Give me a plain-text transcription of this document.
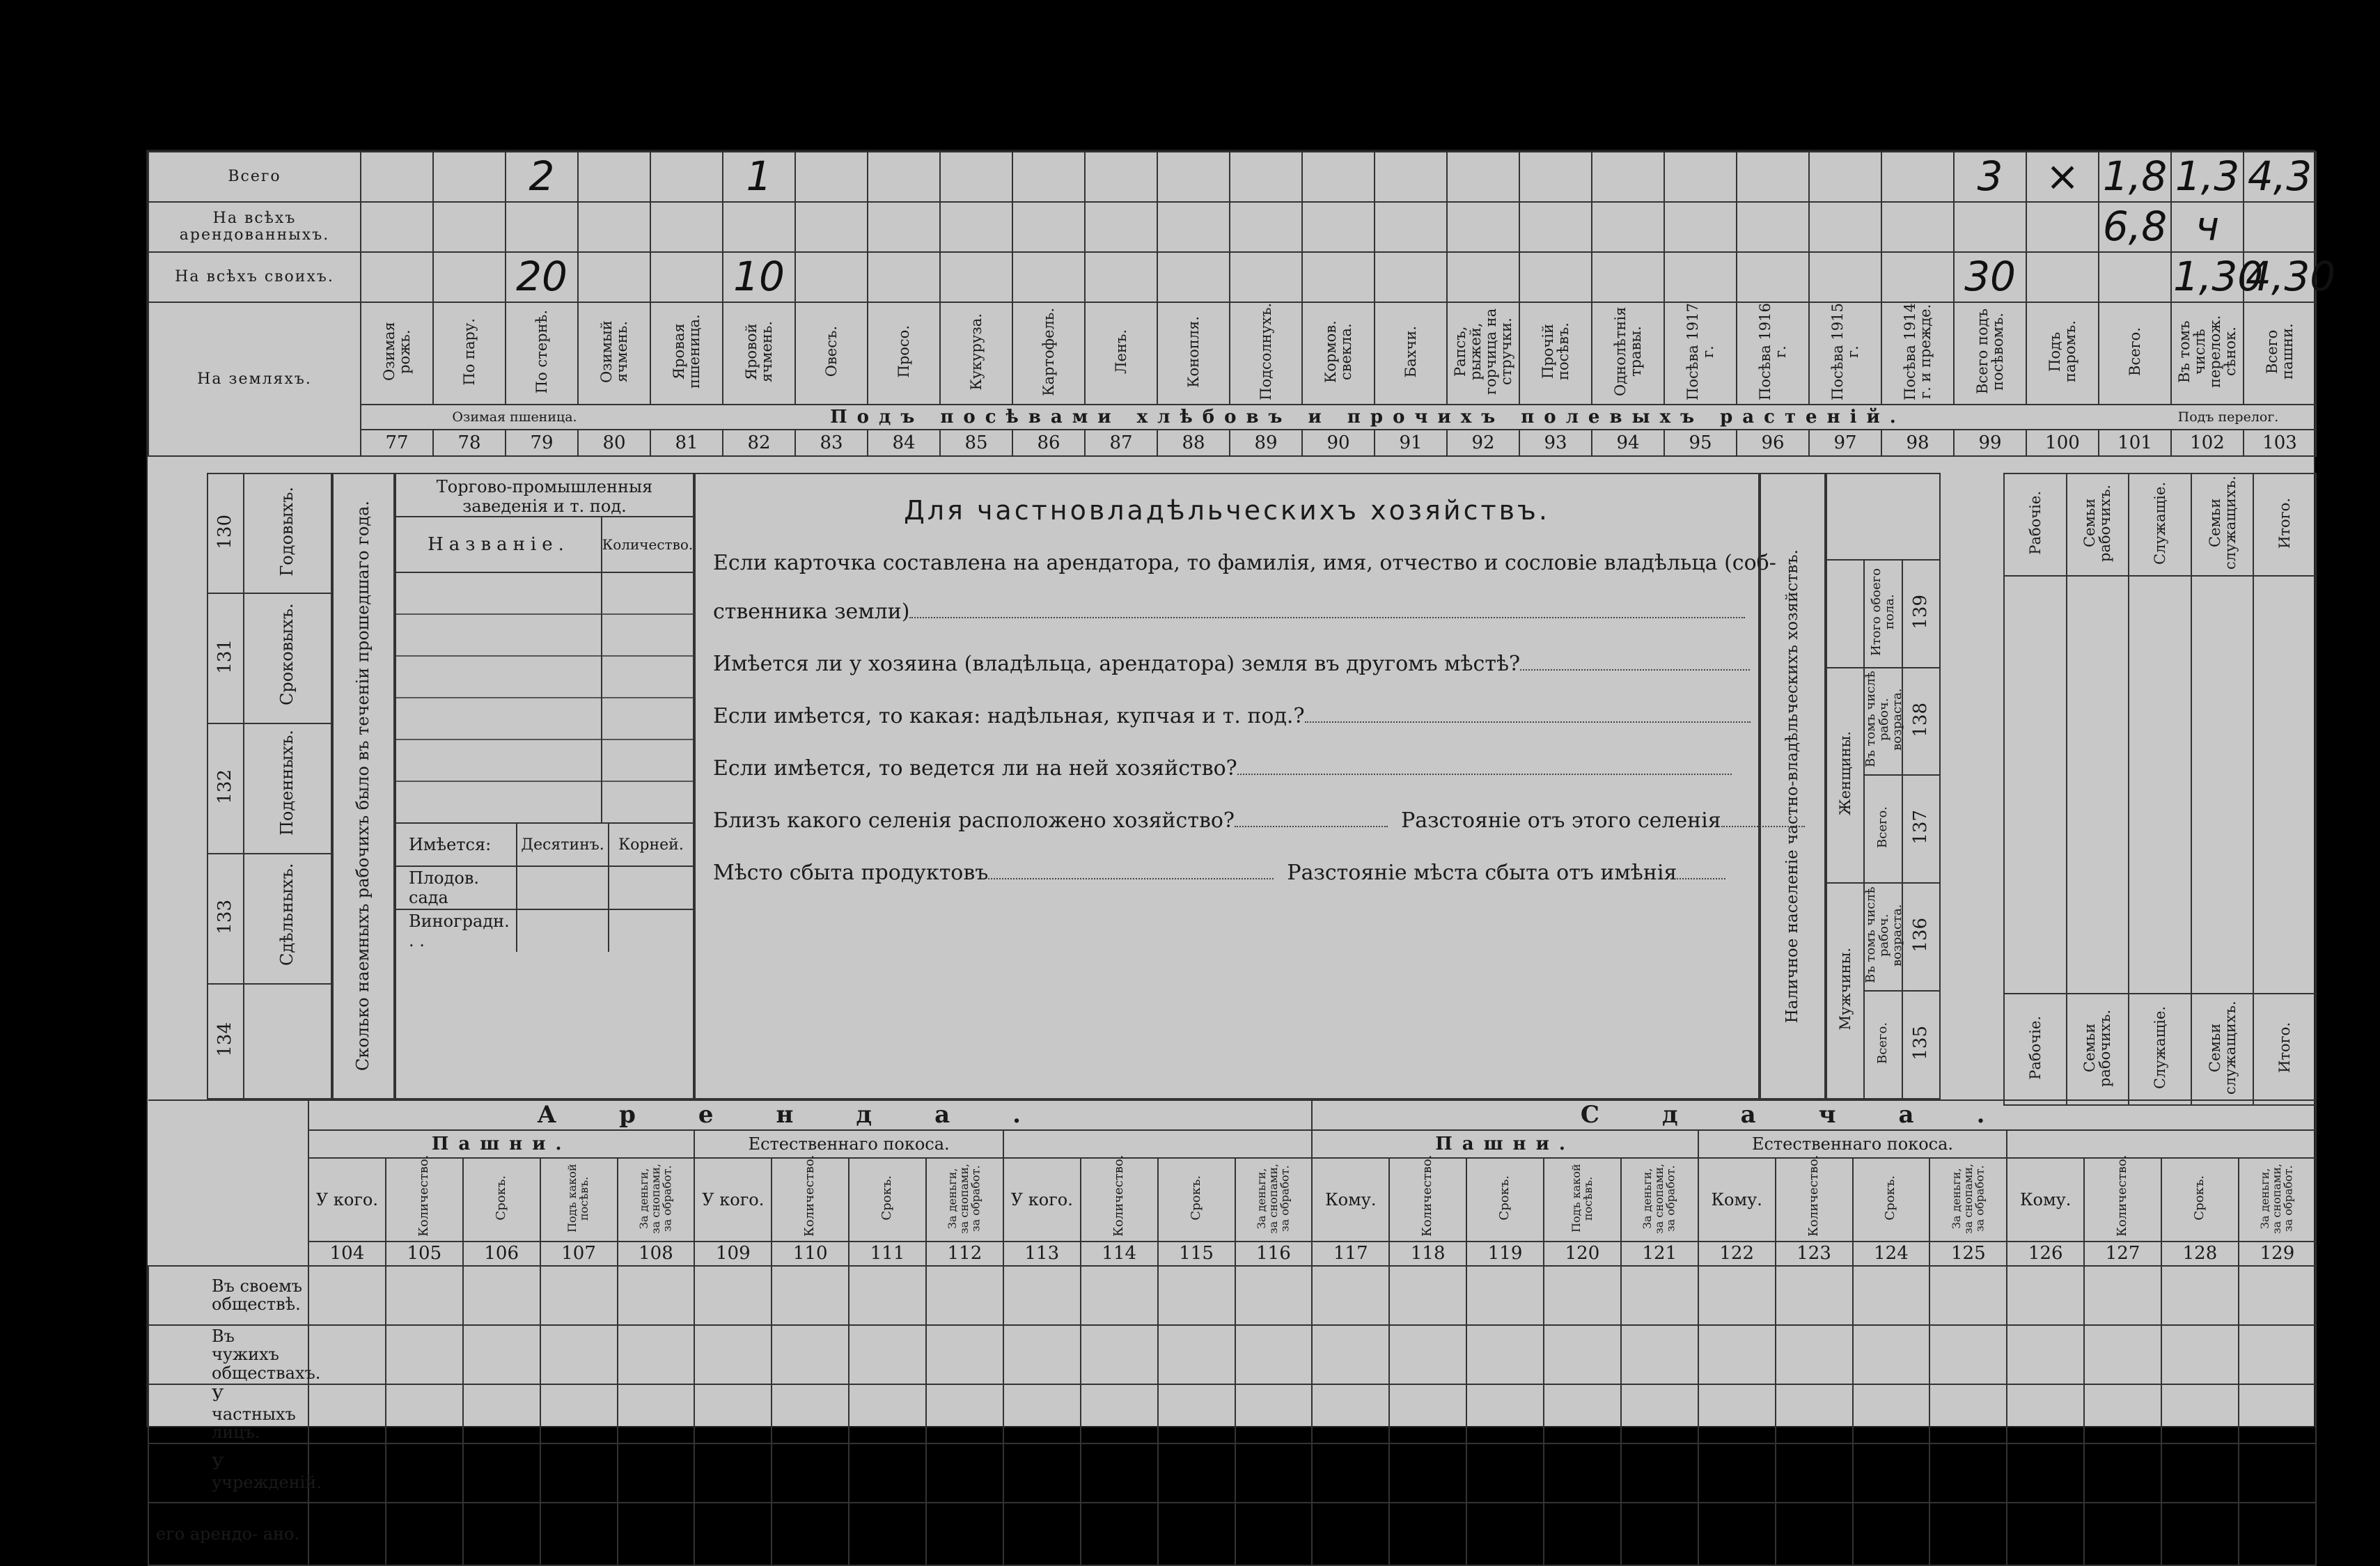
Всего			2			1																	3	×	1,8	1,3	4,3
На всѣхъ арендованныхъ.																									6,8	ч	
На всѣхъ своихъ.			20			10																	30			1,30	4,30
На земляхъ.	Озимая рожь.	По пару.	По стернѣ.	Озимый ячмень.	Яровая пшеница.	Яровой ячмень.	Овесъ.	Просо.	Кукуруза.	Картофель.	Ленъ.	Конопля.	Подсолнухъ.	Кормов. свекла.	Бахчи.	Рапсъ, рыжей, горчица на стручки.	Прочій посѣвъ.	Однолѣтнія травы.	Посѣва 1917 г.	Посѣва 1916 г.	Посѣва 1915 г.	Посѣва 1914 г. и прежде.	Всего подъ посѣвомъ.	Подъ паромъ.	Всего.	Въ томъ числѣ перелож. сѣнок.	Всего пашни.

	Озимая пшеница. Подъ посѣвами хлѣбовъ и прочихъ полевыхъ растеній. Подъ перелог.																										

	77	78	79	80	81	82	83	84	85	86	87	88	89	90	91	92	93	94	95	96	97	98	99	100	101	102	103
130	Годовыхъ.
131	Сроковыхъ.
132	Поденныхъ.
133	Сдѣльныхъ.
134		Сколько наемныхъ рабочихъ было въ теченіи прошедшаго года.
Торгово-промышленныя заведенія и т. под.
Названіе.	Количество.
Имѣется:	Десятинъ. Корней.
Плодов. сада
Виноградн. . .
Для частновладѣльческихъ хозяйствъ.
Если карточка составлена на арендатора, то фамилія, имя, отчество и сословіе владѣльца (соб-
ственника земли)
Имѣется ли у хозяина (владѣльца, арендатора) земля въ другомъ мѣстѣ?
Если имѣется, то какая: надѣльная, купчая и т. под.?
Если имѣется, то ведется ли на ней хозяйство?
Близъ какого селенія расположено хозяйство?	Разстояніе отъ этого селенія
Мѣсто сбыта продуктовъ	Разстояніе мѣста сбыта отъ имѣнія	Наличное населеніе частно-владѣльческихъ хозяйствъ.

		Итого обоего пола.	139
Женщины.	Въ томъ числѣ рабоч. возраста.	138
	Всего.	137
Мужчины.	Въ томъ числѣ рабоч. возраста.	136
	Всего.	135
Рабочіе.	Семьи рабочихъ.	Служащіе.	Семьи служащихъ.	Итого.

Рабочіе.	Семьи рабочихъ.	Служащіе.	Семьи служащихъ.	Итого.
	Аренда.													Сдача.												
	Пашни.					Естественнаго покоса.								Пашни.					Естественнаго покоса.							
	У кого.	Количество.	Срокъ.	Подъ какой посѣвъ.	За деньги, за снопами, за обработ.	У кого.	Количество.	Срокъ.	За деньги, за снопами, за обработ.	У кого.	Количество.	Срокъ.	За деньги, за снопами, за обработ.	Кому.	Количество.	Срокъ.	Подъ какой посѣвъ.	За деньги, за снопами, за обработ.	Кому.	Количество.	Срокъ.	За деньги, за снопами, за обработ.	Кому.	Количество.	Срокъ.	За деньги, за снопами, за обработ.
	104	105	106	107	108	109	110	111	112	113	114	115	116	117	118	119	120	121	122	123	124	125	126	127	128	129
Въ своемъ обществѣ.																										
Въ чужихъ обществахъ.																										
У частныхъ лицъ.																										
У учрежденій.																										
его арендо- ано.																										
